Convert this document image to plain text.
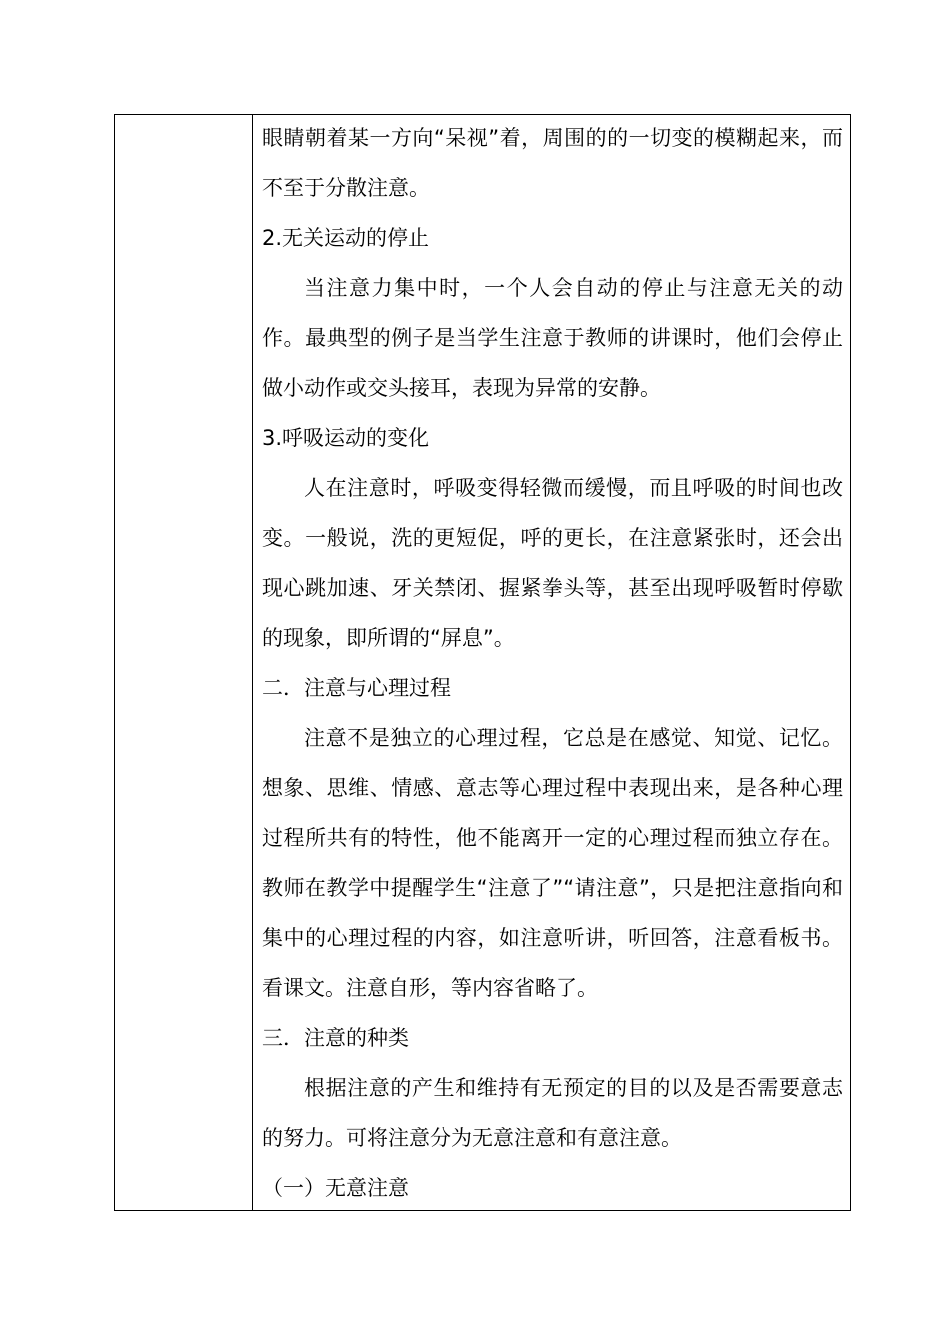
眼睛朝着某一方向“呆视”着，周围的的一切变的模糊起来，而不至于分散注意。

2.无关运动的停止

当注意力集中时，一个人会自动的停止与注意无关的动作。最典型的例子是当学生注意于教师的讲课时，他们会停止做小动作或交头接耳，表现为异常的安静。

3.呼吸运动的变化

人在注意时，呼吸变得轻微而缓慢，而且呼吸的时间也改变。一般说，洗的更短促，呼的更长，在注意紧张时，还会出现心跳加速、牙关禁闭、握紧拳头等，甚至出现呼吸暂时停歇的现象，即所谓的“屏息”。

二．注意与心理过程

注意不是独立的心理过程，它总是在感觉、知觉、记忆。想象、思维、情感、意志等心理过程中表现出来，是各种心理过程所共有的特性，他不能离开一定的心理过程而独立存在。教师在教学中提醒学生“注意了”“请注意”，只是把注意指向和集中的心理过程的内容，如注意听讲，听回答，注意看板书。看课文。注意自形，等内容省略了。

三．注意的种类

根据注意的产生和维持有无预定的目的以及是否需要意志的努力。可将注意分为无意注意和有意注意。

（一）无意注意
